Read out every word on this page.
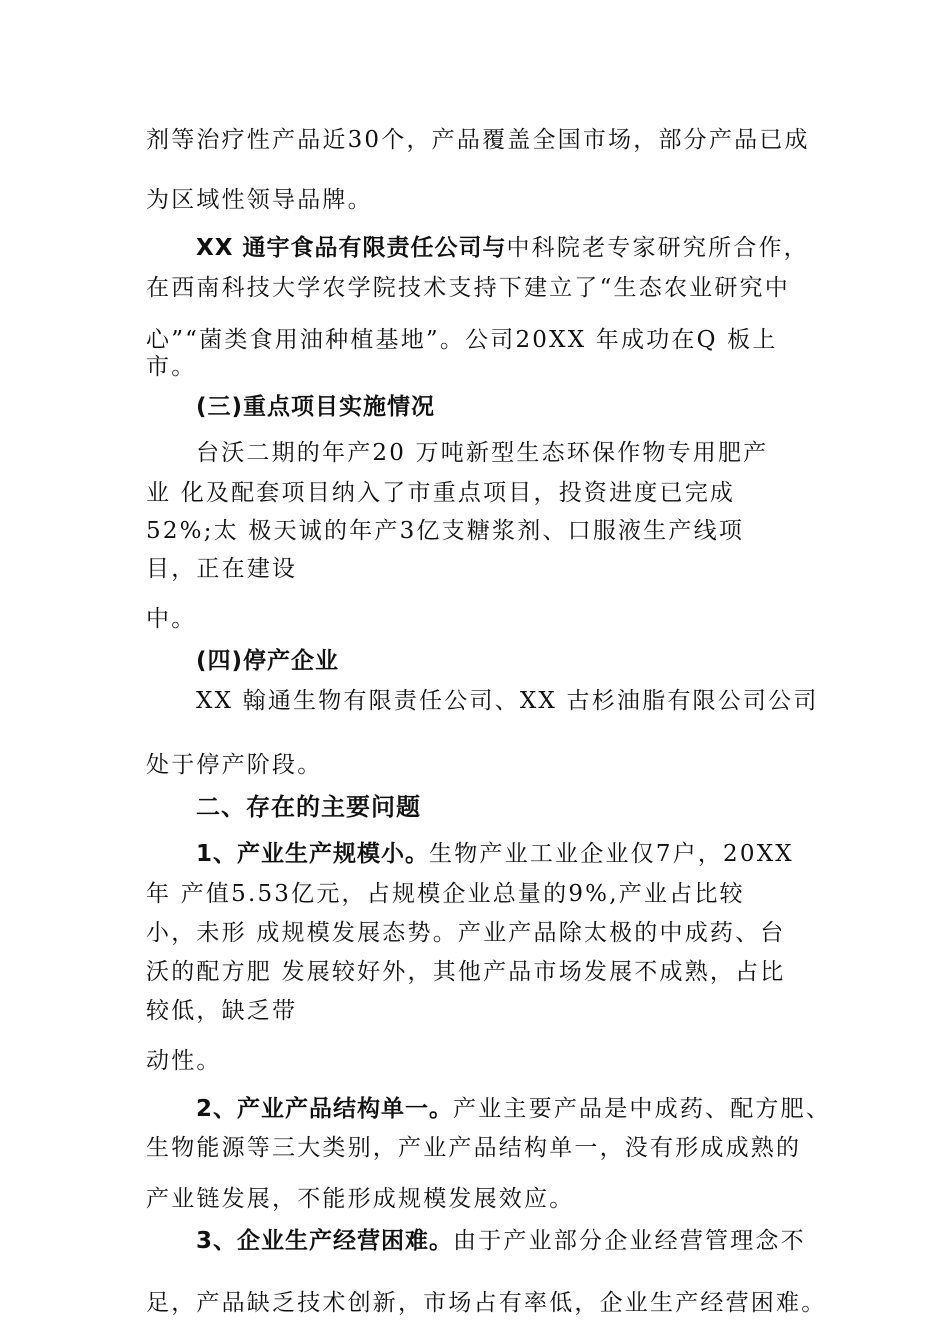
剂等治疗性产品近30个，产品覆盖全国市场，部分产品已成
为区域性领导品牌。
XX 通宇食品有限责任公司与中科院老专家研究所合作，
在西南科技大学农学院技术支持下建立了“生态农业研究中
心”“菌类食用油种植基地”。公司20XX 年成功在Q 板上
市。
(三)重点项目实施情况
台沃二期的年产20 万吨新型生态环保作物专用肥产
业 化及配套项目纳入了市重点项目，投资进度已完成
52%;太 极天诚的年产3亿支糖浆剂、口服液生产线项
目，正在建设
中。
(四)停产企业
XX 翰通生物有限责任公司、XX 古杉油脂有限公司公司
处于停产阶段。
二、存在的主要问题
1、产业生产规模小。生物产业工业企业仅7户，20XX
年 产值5.53亿元，占规模企业总量的9%,产业占比较
小，未形 成规模发展态势。产业产品除太极的中成药、台
沃的配方肥 发展较好外，其他产品市场发展不成熟，占比
较低，缺乏带
动性。
2、产业产品结构单一。产业主要产品是中成药、配方肥、
生物能源等三大类别，产业产品结构单一，没有形成成熟的
产业链发展，不能形成规模发展效应。
3、企业生产经营困难。由于产业部分企业经营管理念不
足，产品缺乏技术创新，市场占有率低，企业生产经营困难。
